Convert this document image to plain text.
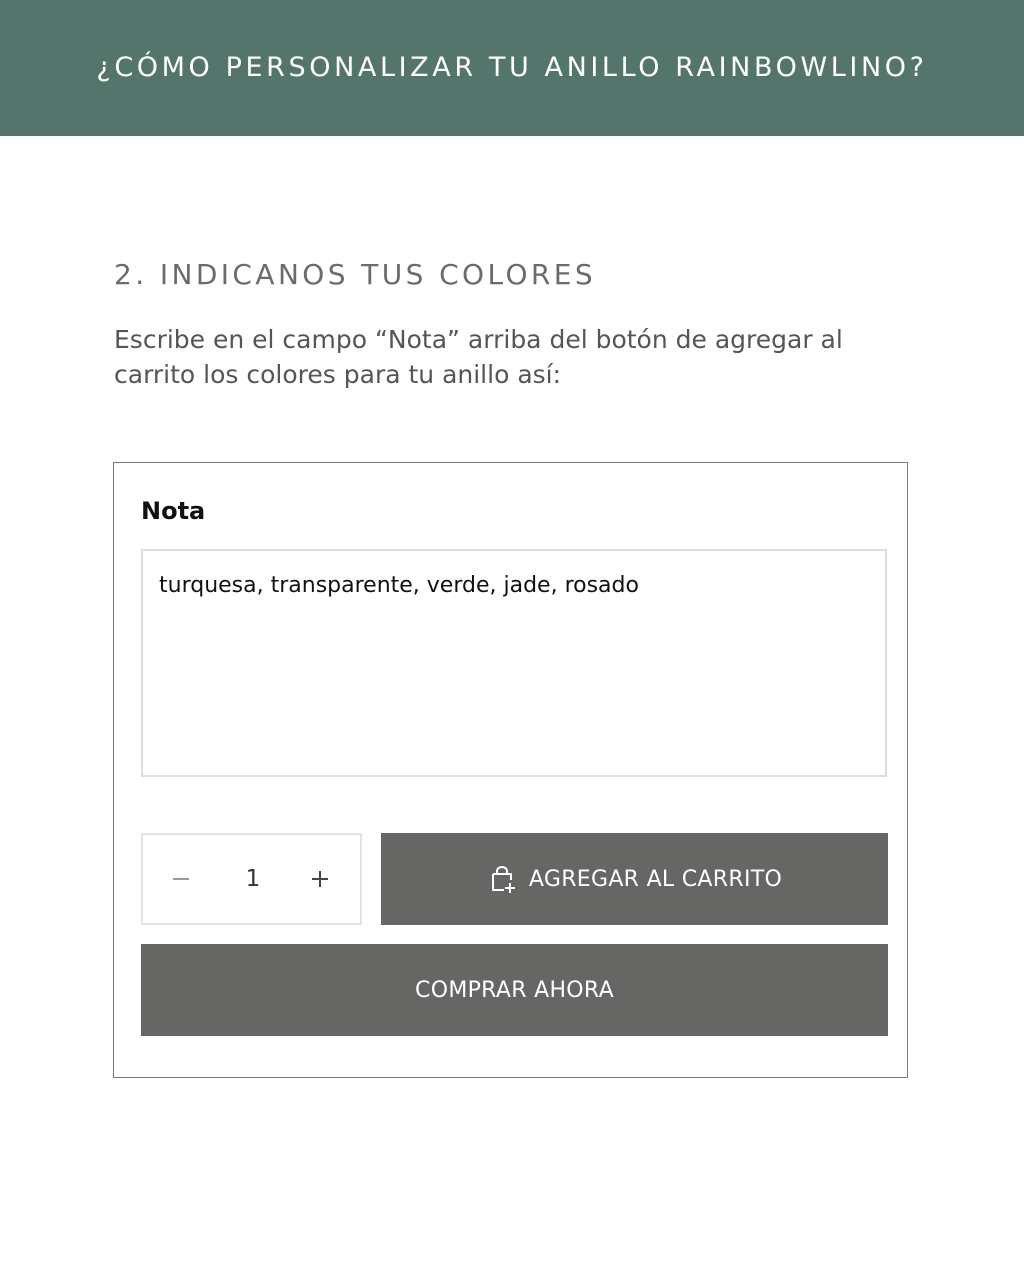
¿CÓMO PERSONALIZAR TU ANILLO RAINBOWLINO?
2. INDICANOS TUS COLORES

Escribe en el campo “Nota” arriba del botón de agregar al carrito los colores para tu anillo así:

Nota
turquesa, transparente, verde, jade, rosado
1	AGREGAR AL CARRITO
COMPRAR AHORA
